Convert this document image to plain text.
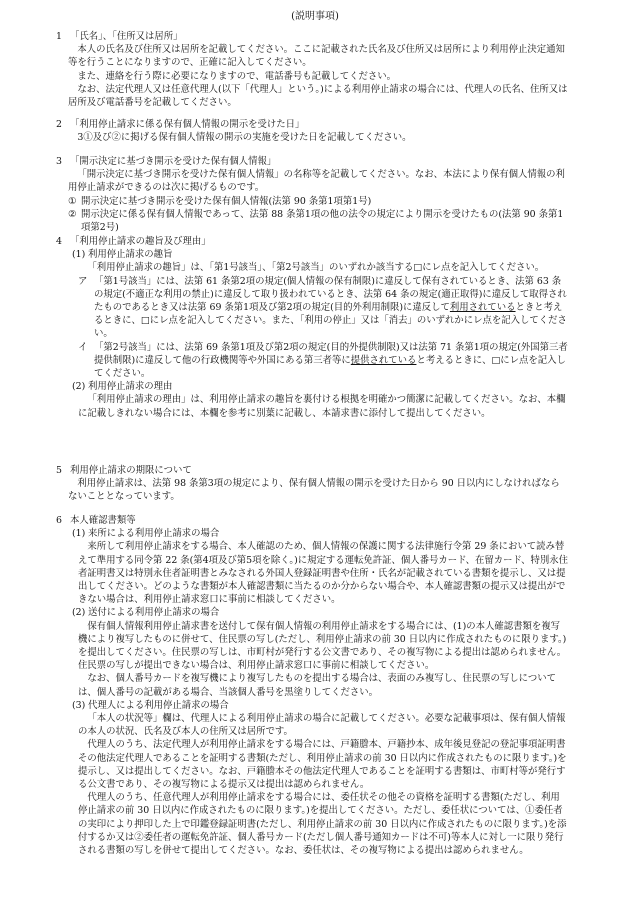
(説明事項)
1 「氏名」、「住所又は居所」
本人の氏名及び住所又は居所を記載してください。ここに記載された氏名及び住所又は居所により利用停止決定通知等を行うことになりますので、正確に記入してください。
また、連絡を行う際に必要になりますので、電話番号も記載してください。
なお、法定代理人又は任意代理人(以下「代理人」という。)による利用停止請求の場合には、代理人の氏名、住所又は居所及び電話番号を記載してください。
2 「利用停止請求に係る保有個人情報の開示を受けた日」
3①及び②に掲げる保有個人情報の開示の実施を受けた日を記載してください。
3 「開示決定に基づき開示を受けた保有個人情報」
「開示決定に基づき開示を受けた保有個人情報」の名称等を記載してください。なお、本法により保有個人情報の利用停止請求ができるのは次に掲げるものです。
① 開示決定に基づき開示を受けた保有個人情報(法第 90 条第1項第1号)
② 開示決定に係る保有個人情報であって、法第 88 条第1項の他の法令の規定により開示を受けたもの(法第 90 条第1項第2号)
4 「利用停止請求の趣旨及び理由」
(1) 利用停止請求の趣旨
「利用停止請求の趣旨」は、「第1号該当」、「第2号該当」のいずれか該当する□にレ点を記入してください。
ア 「第1号該当」には、法第 61 条第2項の規定(個人情報の保有制限)に違反して保有されているとき、法第 63 条の規定(不適正な利用の禁止)に違反して取り扱われているとき、法第 64 条の規定(適正取得)に違反して取得されたものであるとき又は法第 69 条第1項及び第2項の規定(目的外利用制限)に違反して利用されているときと考えるときに、□にレ点を記入してください。また、「利用の停止」又は「消去」のいずれかにレ点を記入してください。
イ 「第2号該当」には、法第 69 条第1項及び第2項の規定(目的外提供制限)又は法第 71 条第1項の規定(外国第三者提供制限)に違反して他の行政機関等や外国にある第三者等に提供されていると考えるときに、□にレ点を記入してください。
(2) 利用停止請求の理由
「利用停止請求の理由」は、利用停止請求の趣旨を裏付ける根拠を明確かつ簡潔に記載してください。なお、本欄に記載しきれない場合には、本欄を参考に別葉に記載し、本請求書に添付して提出してください。
5 利用停止請求の期限について
利用停止請求は、法第 98 条第3項の規定により、保有個人情報の開示を受けた日から 90 日以内にしなければならないこととなっています。
6 本人確認書類等
(1) 来所による利用停止請求の場合
来所して利用停止請求をする場合、本人確認のため、個人情報の保護に関する法律施行令第 29 条において読み替えて準用する同令第 22 条(第4項及び第5項を除く。)に規定する運転免許証、個人番号カード、在留カード、特別永住者証明書又は特別永住者証明書とみなされる外国人登録証明書や住所・氏名が記載されている書類を提示し、又は提出してください。どのような書類が本人確認書類に当たるのか分からない場合や、本人確認書類の提示又は提出ができない場合は、利用停止請求窓口に事前に相談してください。
(2) 送付による利用停止請求の場合
保有個人情報利用停止請求書を送付して保有個人情報の利用停止請求をする場合には、(1)の本人確認書類を複写機により複写したものに併せて、住民票の写し(ただし、利用停止請求の前 30 日以内に作成されたものに限ります。)を提出してください。住民票の写しは、市町村が発行する公文書であり、その複写物による提出は認められません。住民票の写しが提出できない場合は、利用停止請求窓口に事前に相談してください。
なお、個人番号カードを複写機により複写したものを提出する場合は、表面のみ複写し、住民票の写しについては、個人番号の記載がある場合、当該個人番号を黒塗りしてください。
(3) 代理人による利用停止請求の場合
「本人の状況等」欄は、代理人による利用停止請求の場合に記載してください。必要な記載事項は、保有個人情報の本人の状況、氏名及び本人の住所又は居所です。
代理人のうち、法定代理人が利用停止請求をする場合には、戸籍謄本、戸籍抄本、成年後見登記の登記事項証明書その他法定代理人であることを証明する書類(ただし、利用停止請求の前 30 日以内に作成されたものに限ります。)を提示し、又は提出してください。なお、戸籍謄本その他法定代理人であることを証明する書類は、市町村等が発行する公文書であり、その複写物による提示又は提出は認められません。
代理人のうち、任意代理人が利用停止請求をする場合には、委任状その他その資格を証明する書類(ただし、利用停止請求の前 30 日以内に作成されたものに限ります。)を提出してください。ただし、委任状については、①委任者の実印により押印した上で印鑑登録証明書(ただし、利用停止請求の前 30 日以内に作成されたものに限ります。)を添付するか又は②委任者の運転免許証、個人番号カード(ただし個人番号通知カードは不可)等本人に対し一に限り発行される書類の写しを併せて提出してください。なお、委任状は、その複写物による提出は認められません。
